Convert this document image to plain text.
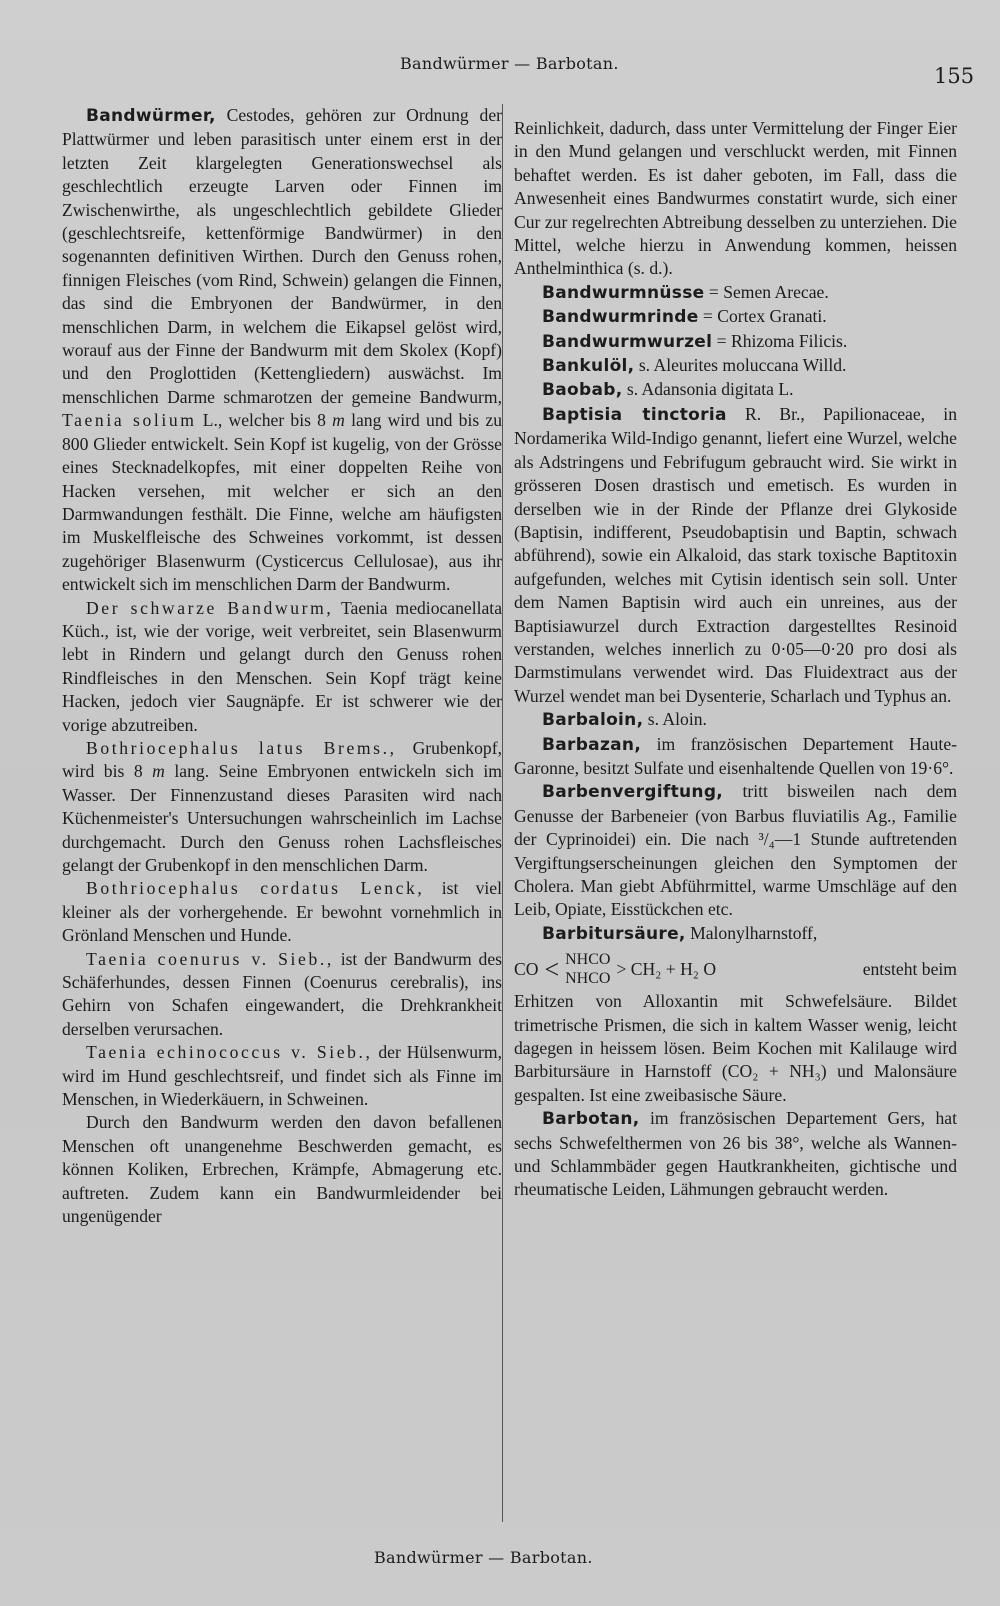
Bandwürmer — Barbotan.
155

Bandwürmer, Cestodes, gehören zur Ordnung der Plattwürmer und leben parasitisch unter einem erst in der letzten Zeit klargelegten Generationswechsel als geschlechtlich erzeugte Larven oder Finnen im Zwischenwirthe, als ungeschlechtlich gebildete Glieder (geschlechtsreife, kettenförmige Bandwürmer) in den sogenannten definitiven Wirthen. Durch den Genuss rohen, finnigen Fleisches (vom Rind, Schwein) gelangen die Finnen, das sind die Embryonen der Bandwürmer, in den menschlichen Darm, in welchem die Eikapsel gelöst wird, worauf aus der Finne der Bandwurm mit dem Skolex (Kopf) und den Proglottiden (Kettengliedern) auswächst. Im menschlichen Darme schmarotzen der gemeine Bandwurm, Taenia solium L., welcher bis 8 m lang wird und bis zu 800 Glieder entwickelt. Sein Kopf ist kugelig, von der Grösse eines Stecknadelkopfes, mit einer doppelten Reihe von Hacken versehen, mit welcher er sich an den Darmwandungen festhält. Die Finne, welche am häufigsten im Muskelfleische des Schweines vorkommt, ist dessen zugehöriger Blasenwurm (Cysticercus Cellulosae), aus ihr entwickelt sich im menschlichen Darm der Bandwurm.

Der schwarze Bandwurm, Taenia mediocanellata Küch., ist, wie der vorige, weit verbreitet, sein Blasenwurm lebt in Rindern und gelangt durch den Genuss rohen Rindfleisches in den Menschen. Sein Kopf trägt keine Hacken, jedoch vier Saugnäpfe. Er ist schwerer wie der vorige abzutreiben.

Bothriocephalus latus Brems., Grubenkopf, wird bis 8 m lang. Seine Embryonen entwickeln sich im Wasser. Der Finnenzustand dieses Parasiten wird nach Küchenmeister's Untersuchungen wahrscheinlich im Lachse durchgemacht. Durch den Genuss rohen Lachsfleisches gelangt der Grubenkopf in den menschlichen Darm.

Bothriocephalus cordatus Lenck, ist viel kleiner als der vorhergehende. Er bewohnt vornehmlich in Grönland Menschen und Hunde.

Taenia coenurus v. Sieb., ist der Bandwurm des Schäferhundes, dessen Finnen (Coenurus cerebralis), ins Gehirn von Schafen eingewandert, die Drehkrankheit derselben verursachen.

Taenia echinococcus v. Sieb., der Hülsenwurm, wird im Hund geschlechtsreif, und findet sich als Finne im Menschen, in Wiederkäuern, in Schweinen.

Durch den Bandwurm werden den davon befallenen Menschen oft unangenehme Beschwerden gemacht, es können Koliken, Erbrechen, Krämpfe, Abmagerung etc. auftreten. Zudem kann ein Bandwurmleidender bei ungenügender

Reinlichkeit, dadurch, dass unter Vermittelung der Finger Eier in den Mund gelangen und verschluckt werden, mit Finnen behaftet werden. Es ist daher geboten, im Fall, dass die Anwesenheit eines Bandwurmes constatirt wurde, sich einer Cur zur regelrechten Abtreibung desselben zu unterziehen. Die Mittel, welche hierzu in Anwendung kommen, heissen Anthelminthica (s. d.).

Bandwurmnüsse = Semen Arecae.

Bandwurmrinde = Cortex Granati.

Bandwurmwurzel = Rhizoma Filicis.

Bankulöl, s. Aleurites moluccana Willd.

Baobab, s. Adansonia digitata L.

Baptisia tinctoria R. Br., Papilionaceae, in Nordamerika Wild-Indigo genannt, liefert eine Wurzel, welche als Adstringens und Febrifugum gebraucht wird. Sie wirkt in grösseren Dosen drastisch und emetisch. Es wurden in derselben wie in der Rinde der Pflanze drei Glykoside (Baptisin, indifferent, Pseudobaptisin und Baptin, schwach abführend), sowie ein Alkaloid, das stark toxische Baptitoxin aufgefunden, welches mit Cytisin identisch sein soll. Unter dem Namen Baptisin wird auch ein unreines, aus der Baptisiawurzel durch Extraction dargestelltes Resinoid verstanden, welches innerlich zu 0·05—0·20 pro dosi als Darmstimulans verwendet wird. Das Fluidextract aus der Wurzel wendet man bei Dysenterie, Scharlach und Typhus an.

Barbaloin, s. Aloin.

Barbazan, im französischen Departement Haute-Garonne, besitzt Sulfate und eisenhaltende Quellen von 19·6°.

Barbenvergiftung, tritt bisweilen nach dem Genusse der Barbeneier (von Barbus fluviatilis Ag., Familie der Cyprinoidei) ein. Die nach ³/₄—1 Stunde auftretenden Vergiftungserscheinungen gleichen den Symptomen der Cholera. Man giebt Abführmittel, warme Umschläge auf den Leib, Opiate, Eisstückchen etc.

Barbitursäure, Malonylharnstoff,

CO < NHCO
NHCO
> CH₂ + H₂ O	entsteht beim

Erhitzen von Alloxantin mit Schwefelsäure. Bildet trimetrische Prismen, die sich in kaltem Wasser wenig, leicht dagegen in heissem lösen. Beim Kochen mit Kalilauge wird Barbitursäure in Harnstoff (CO₂ + NH₃) und Malonsäure gespalten. Ist eine zweibasische Säure.

Barbotan, im französischen Departement Gers, hat sechs Schwefelthermen von 26 bis 38°, welche als Wannen- und Schlammbäder gegen Hautkrankheiten, gichtische und rheumatische Leiden, Lähmungen gebraucht werden.

Bandwürmer — Barbotan.
